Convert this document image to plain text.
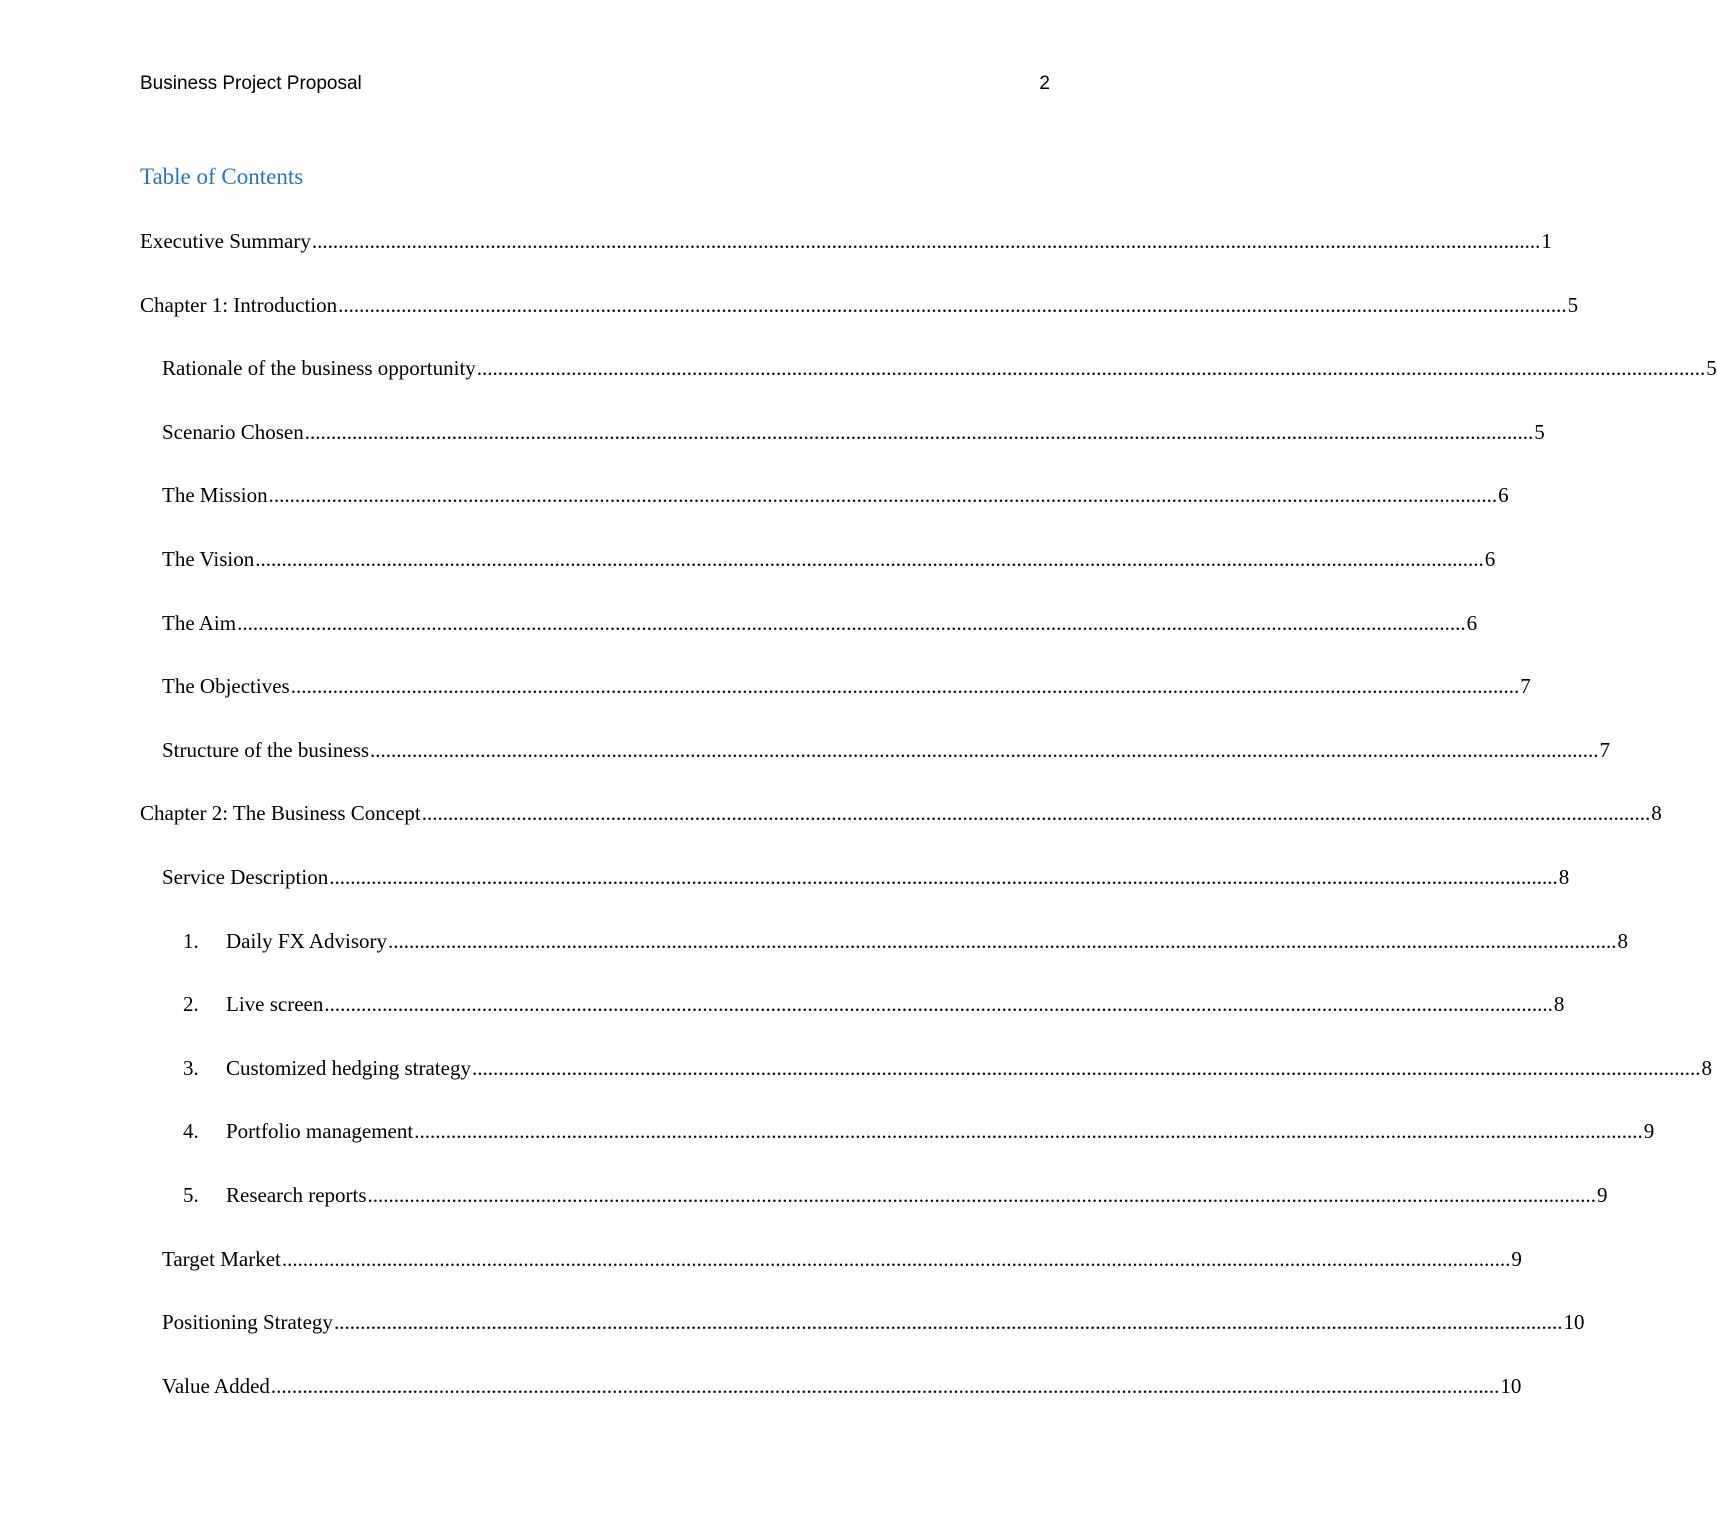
Business Project Proposal	2
Table of Contents
Executive Summary .......................................................................................................................................................................................................................................... 1
Chapter 1: Introduction .......................................................................................................................................................................................................................................... 5
Rationale of the business opportunity .......................................................................................................................................................................................................................................... 5
Scenario Chosen .......................................................................................................................................................................................................................................... 5
The Mission .......................................................................................................................................................................................................................................... 6
The Vision .......................................................................................................................................................................................................................................... 6
The Aim .......................................................................................................................................................................................................................................... 6
The Objectives .......................................................................................................................................................................................................................................... 7
Structure of the business .......................................................................................................................................................................................................................................... 7
Chapter 2: The Business Concept .......................................................................................................................................................................................................................................... 8
Service Description .......................................................................................................................................................................................................................................... 8
1.	Daily FX Advisory .......................................................................................................................................................................................................................................... 8
2.	Live screen .......................................................................................................................................................................................................................................... 8
3.	Customized hedging strategy .......................................................................................................................................................................................................................................... 8
4.	Portfolio management .......................................................................................................................................................................................................................................... 9
5.	Research reports .......................................................................................................................................................................................................................................... 9
Target Market .......................................................................................................................................................................................................................................... 9
Positioning Strategy .......................................................................................................................................................................................................................................... 10
Value Added .......................................................................................................................................................................................................................................... 10
